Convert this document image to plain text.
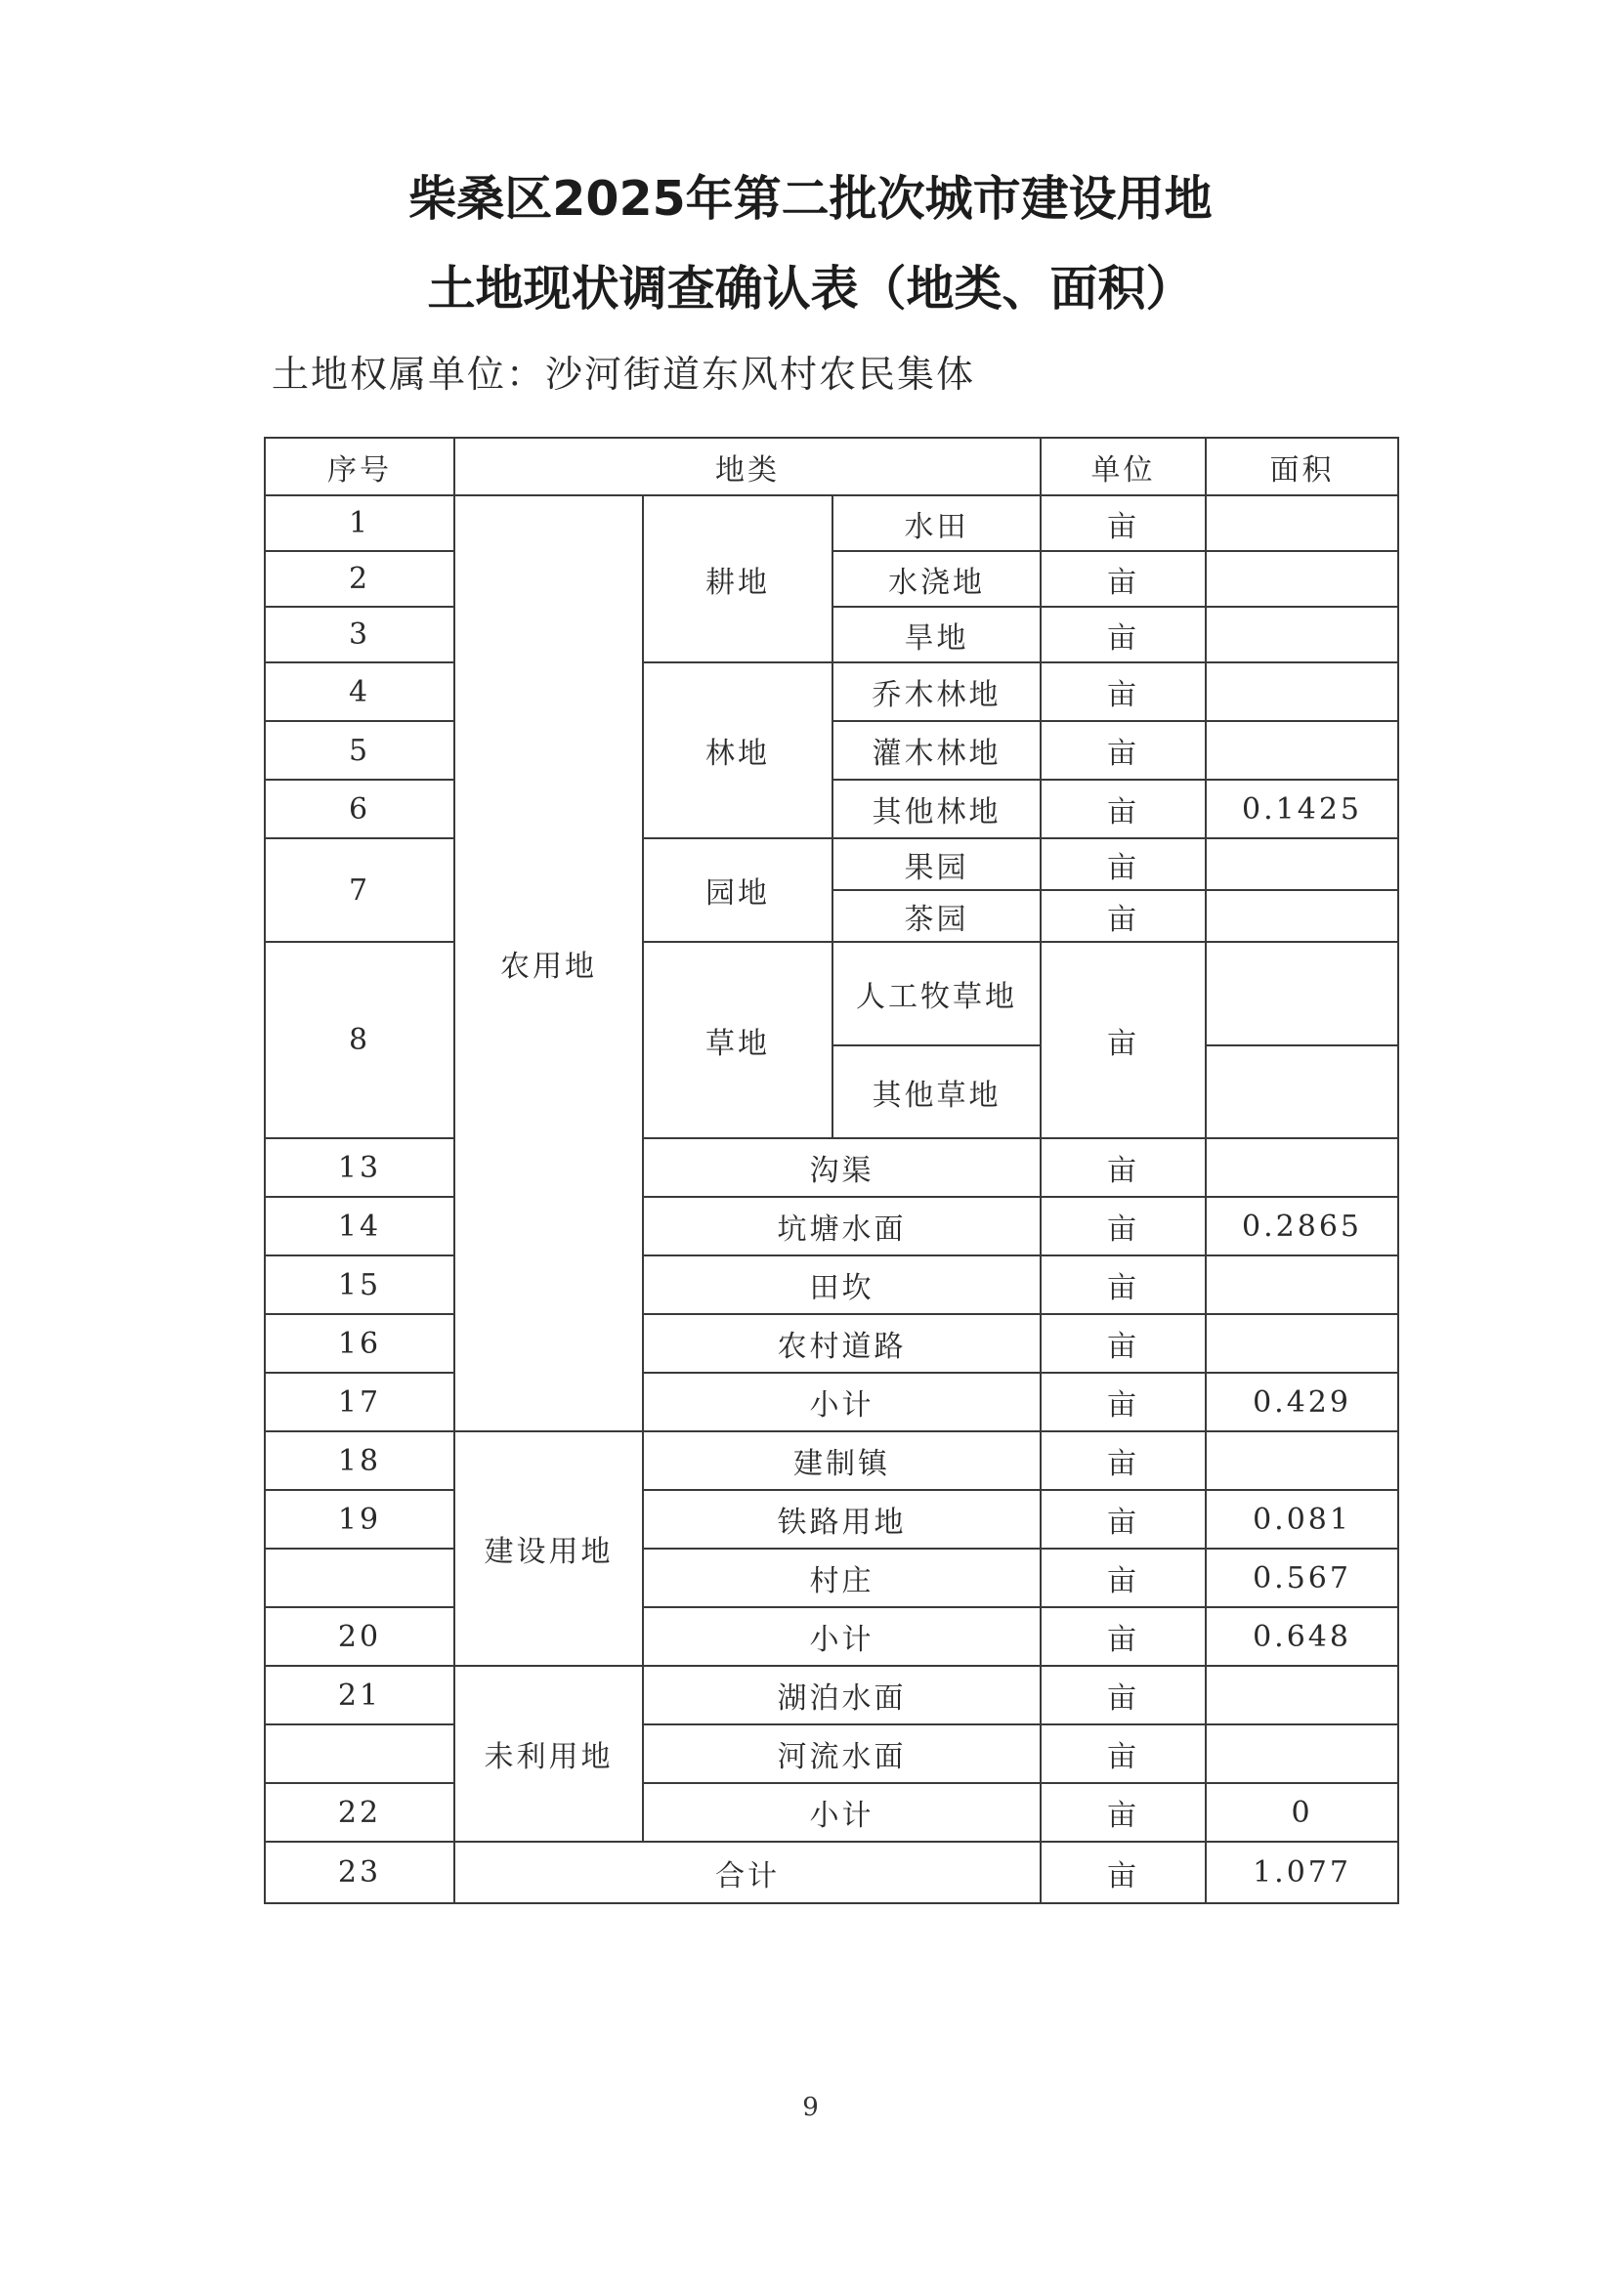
柴桑区2025年第二批次城市建设用地
土地现状调查确认表（地类、面积）
土地权属单位：沙河街道东风村农民集体
序号	地类			单位	面积
1	农用地	耕地	水田	亩	
2			水浇地	亩	
3			旱地	亩	
4		林地	乔木林地	亩	
5			灌木林地	亩	
6			其他林地	亩	0.1425
7		园地	果园	亩	
			茶园	亩	
8		草地	人工牧草地	亩	
			其他草地		
13		沟渠		亩	
14		坑塘水面		亩	0.2865
15		田坎		亩	
16		农村道路		亩	
17		小计		亩	0.429
18	建设用地	建制镇		亩	
19		铁路用地		亩	0.081
		村庄		亩	0.567
20		小计		亩	0.648
21	未利用地	湖泊水面		亩	
		河流水面		亩	
22		小计		亩	0
23	合计			亩	1.077
9
